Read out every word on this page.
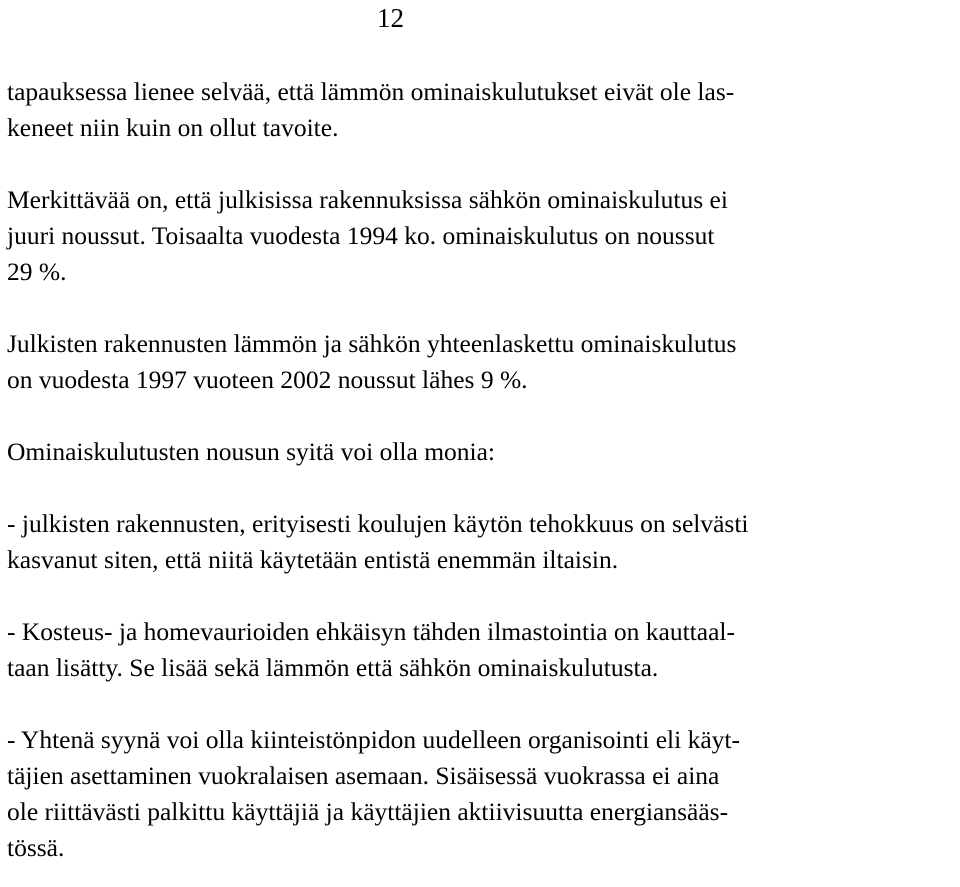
12
tapauksessa lienee selvää, että lämmön ominaiskulutukset eivät ole las-
keneet niin kuin on ollut tavoite.
Merkittävää on, että julkisissa rakennuksissa sähkön ominaiskulutus ei
juuri noussut. Toisaalta vuodesta 1994 ko. ominaiskulutus on noussut
29 %.
Julkisten rakennusten lämmön ja sähkön yhteenlaskettu ominaiskulutus
on vuodesta 1997 vuoteen 2002 noussut lähes 9 %.
Ominaiskulutusten nousun syitä voi olla monia:
- julkisten rakennusten, erityisesti koulujen käytön tehokkuus on selvästi
kasvanut siten, että niitä käytetään entistä enemmän iltaisin.
- Kosteus- ja homevaurioiden ehkäisyn tähden ilmastointia on kauttaal-
taan lisätty. Se lisää sekä lämmön että sähkön ominaiskulutusta.
- Yhtenä syynä voi olla kiinteistönpidon uudelleen organisointi eli käyt-
täjien asettaminen vuokralaisen asemaan. Sisäisessä vuokrassa ei aina
ole riittävästi palkittu käyttäjiä ja käyttäjien aktiivisuutta energiansääs-
tössä.
